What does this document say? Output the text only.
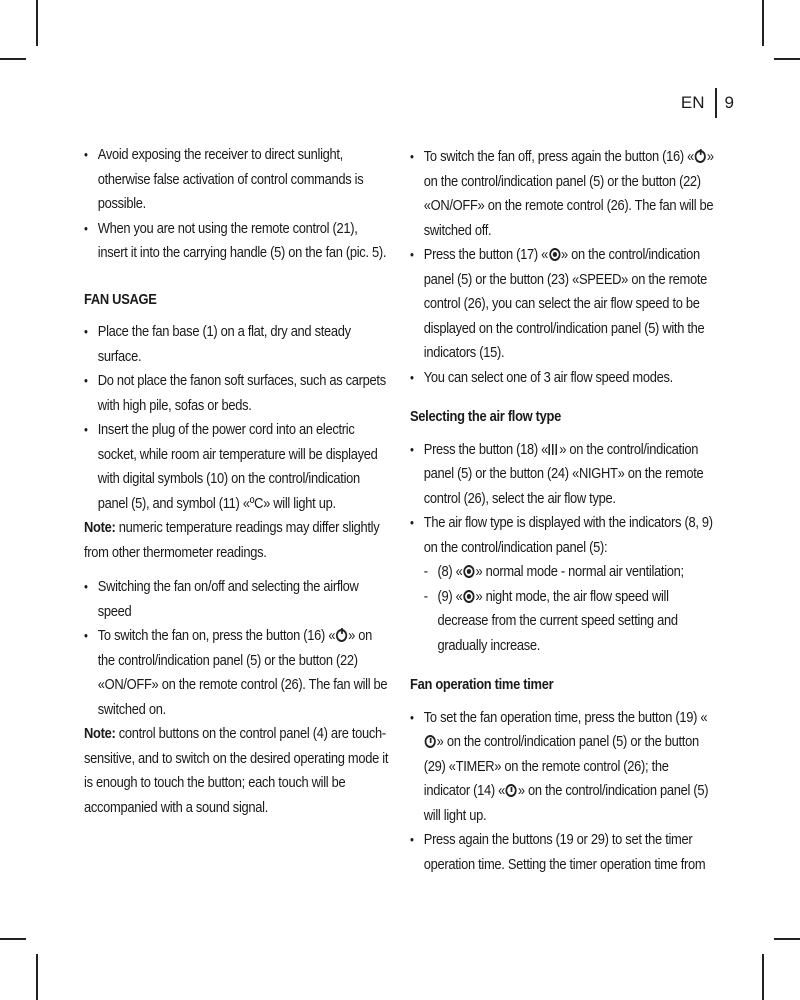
EN 9
• Avoid exposing the receiver to direct sunlight, otherwise false activation of control commands is possible.
• When you are not using the remote control (21), insert it into the carrying handle (5) on the fan (pic. 5).
FAN USAGE
• Place the fan base (1) on a flat, dry and steady surface.
• Do not place the fanon soft surfaces, such as carpets with high pile, sofas or beds.
• Insert the plug of the power cord into an electric socket, while room air temperature will be displayed with digital symbols (10) on the control/indication panel (5), and symbol (11) «ºC» will light up.

Note: numeric temperature readings may differ slightly from other thermometer readings.

• Switching the fan on/off and selecting the airflow speed
• To switch the fan on, press the button (16) « » on the control/indication panel (5) or the button (22) «ON/OFF» on the remote control (26). The fan will be switched on.

Note: control buttons on the control panel (4) are touch-sensitive, and to switch on the desired operating mode it is enough to touch the button; each touch will be accompanied with a sound signal.

• To switch the fan off, press again the button (16) « » on the control/indication panel (5) or the button (22) «ON/OFF» on the remote control (26). The fan will be switched off.
• Press the button (17) « » on the control/indication panel (5) or the button (23) «SPEED» on the remote control (26), you can select the air flow speed to be displayed on the control/indication panel (5) with the indicators (15).
• You can select one of 3 air flow speed modes.
Selecting the air flow type
• Press the button (18) « » on the control/indication panel (5) or the button (24) «NIGHT» on the remote control (26), select the air flow type.
• The air flow type is displayed with the indicators (8, 9) on the control/indication panel (5):
- (8) « » normal mode - normal air ventilation;
- (9) « » night mode, the air flow speed will decrease from the current speed setting and gradually increase.
Fan operation time timer
• To set the fan operation time, press the button (19) «» on the control/indication panel (5) or the button (29) «TIMER» on the remote control (26); the indicator (14) « » on the control/indication panel (5) will light up.
• Press again the buttons (19 or 29) to set the timer operation time. Setting the timer operation time from
